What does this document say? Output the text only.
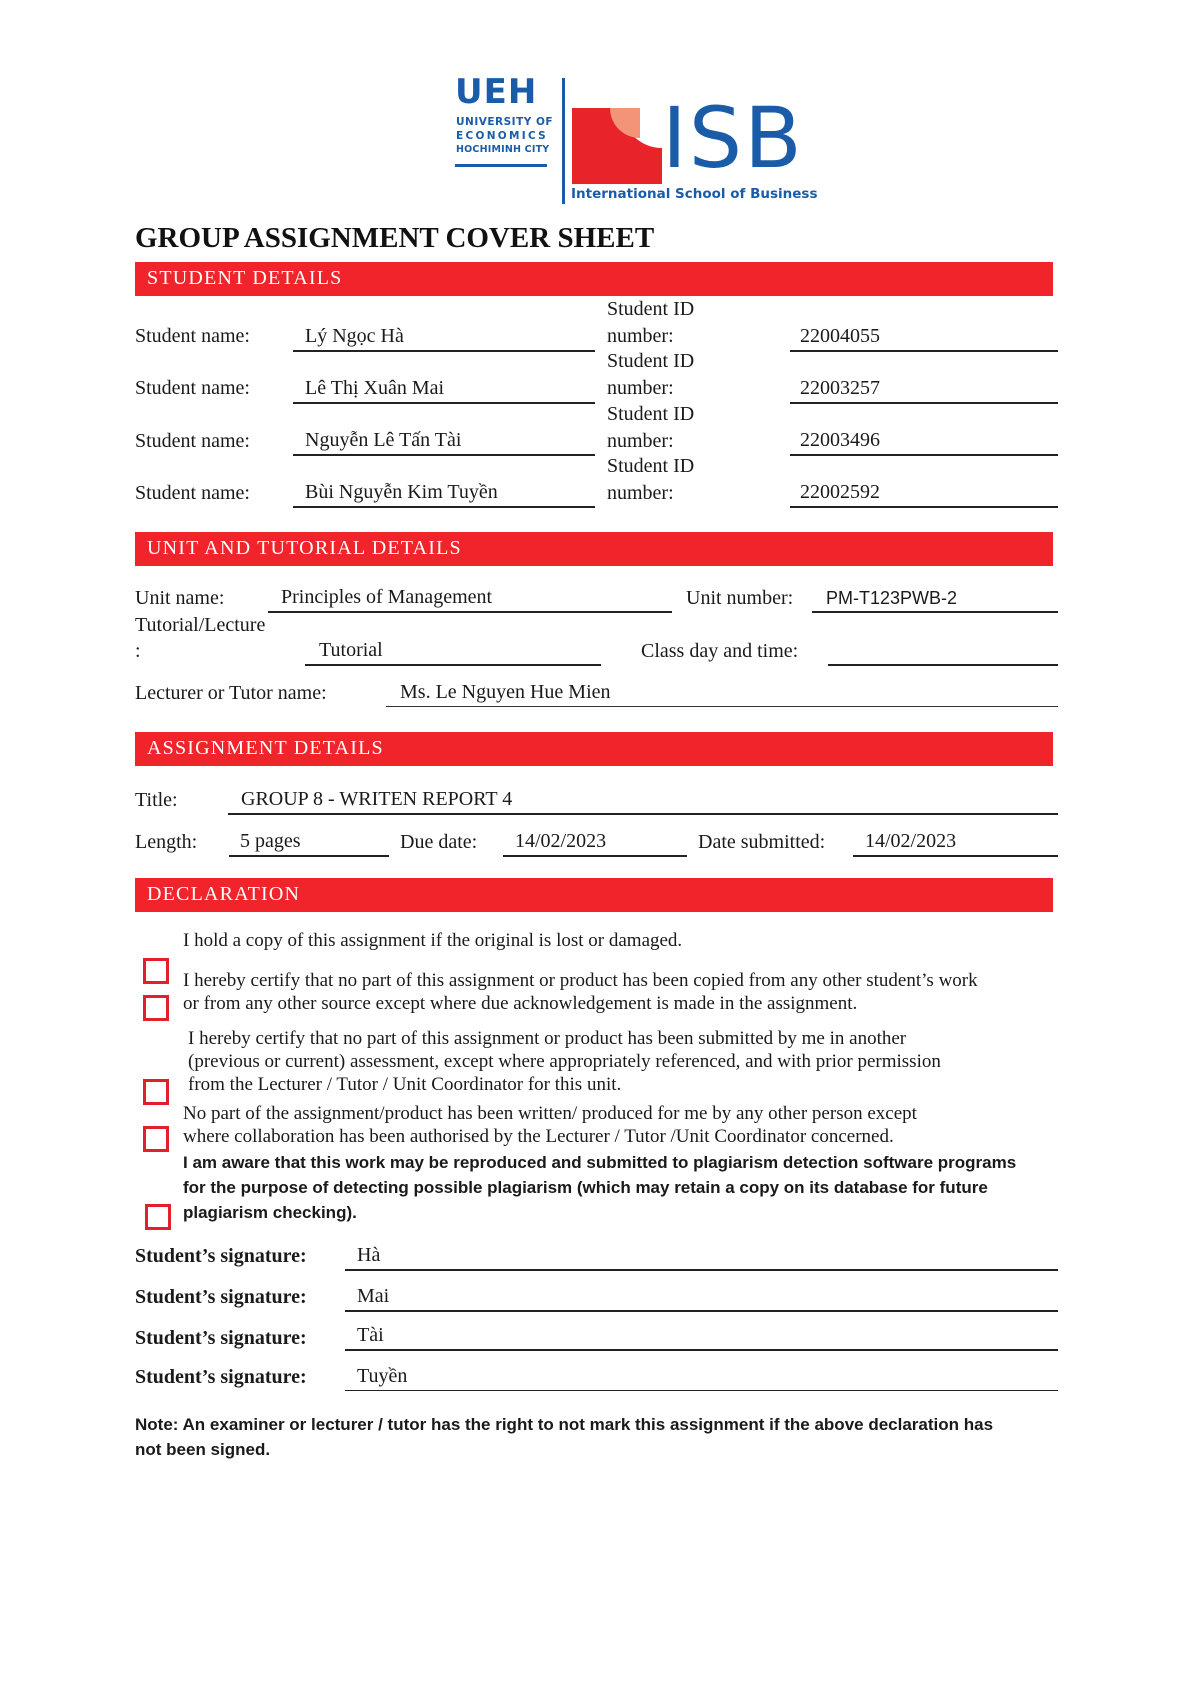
UEH
UNIVERSITY OF
ECONOMICS
HOCHIMINH CITY ISB
International School of Business
GROUP ASSIGNMENT COVER SHEET
STUDENT DETAILS
Student name:	Lý Ngọc Hà
Student ID
number:	22004055
Student name:	Lê Thị Xuân Mai
Student ID
number:	22003257
Student name:	Nguyễn Lê Tấn Tài
Student ID
number:	22003496
Student name:	Bùi Nguyễn Kim Tuyền
Student ID
number:	22002592
UNIT AND TUTORIAL DETAILS
Unit name:	Principles of Management	Unit number: PM-T123PWB-2
Tutorial/Lecture
:	Tutorial	Class day and time:
Lecturer or Tutor name:	Ms. Le Nguyen Hue Mien
ASSIGNMENT DETAILS
Title:	GROUP 8 - WRITEN REPORT 4
Length: 5 pages	Due date: 14/02/2023	Date submitted: 14/02/2023
DECLARATION
I hold a copy of this assignment if the original is lost or damaged.
I hereby certify that no part of this assignment or product has been copied from any other student’s work
or from any other source except where due acknowledgement is made in the assignment.
I hereby certify that no part of this assignment or product has been submitted by me in another
(previous or current) assessment, except where appropriately referenced, and with prior permission
from the Lecturer / Tutor / Unit Coordinator for this unit.
No part of the assignment/product has been written/ produced for me by any other person except
where collaboration has been authorised by the Lecturer / Tutor /Unit Coordinator concerned.
I am aware that this work may be reproduced and submitted to plagiarism detection software programs
for the purpose of detecting possible plagiarism (which may retain a copy on its database for future
plagiarism checking).
Student’s signature:	Hà
Student’s signature:	Mai
Student’s signature:	Tài
Student’s signature:	Tuyền
Note: An examiner or lecturer / tutor has the right to not mark this assignment if the above declaration has
not been signed.
